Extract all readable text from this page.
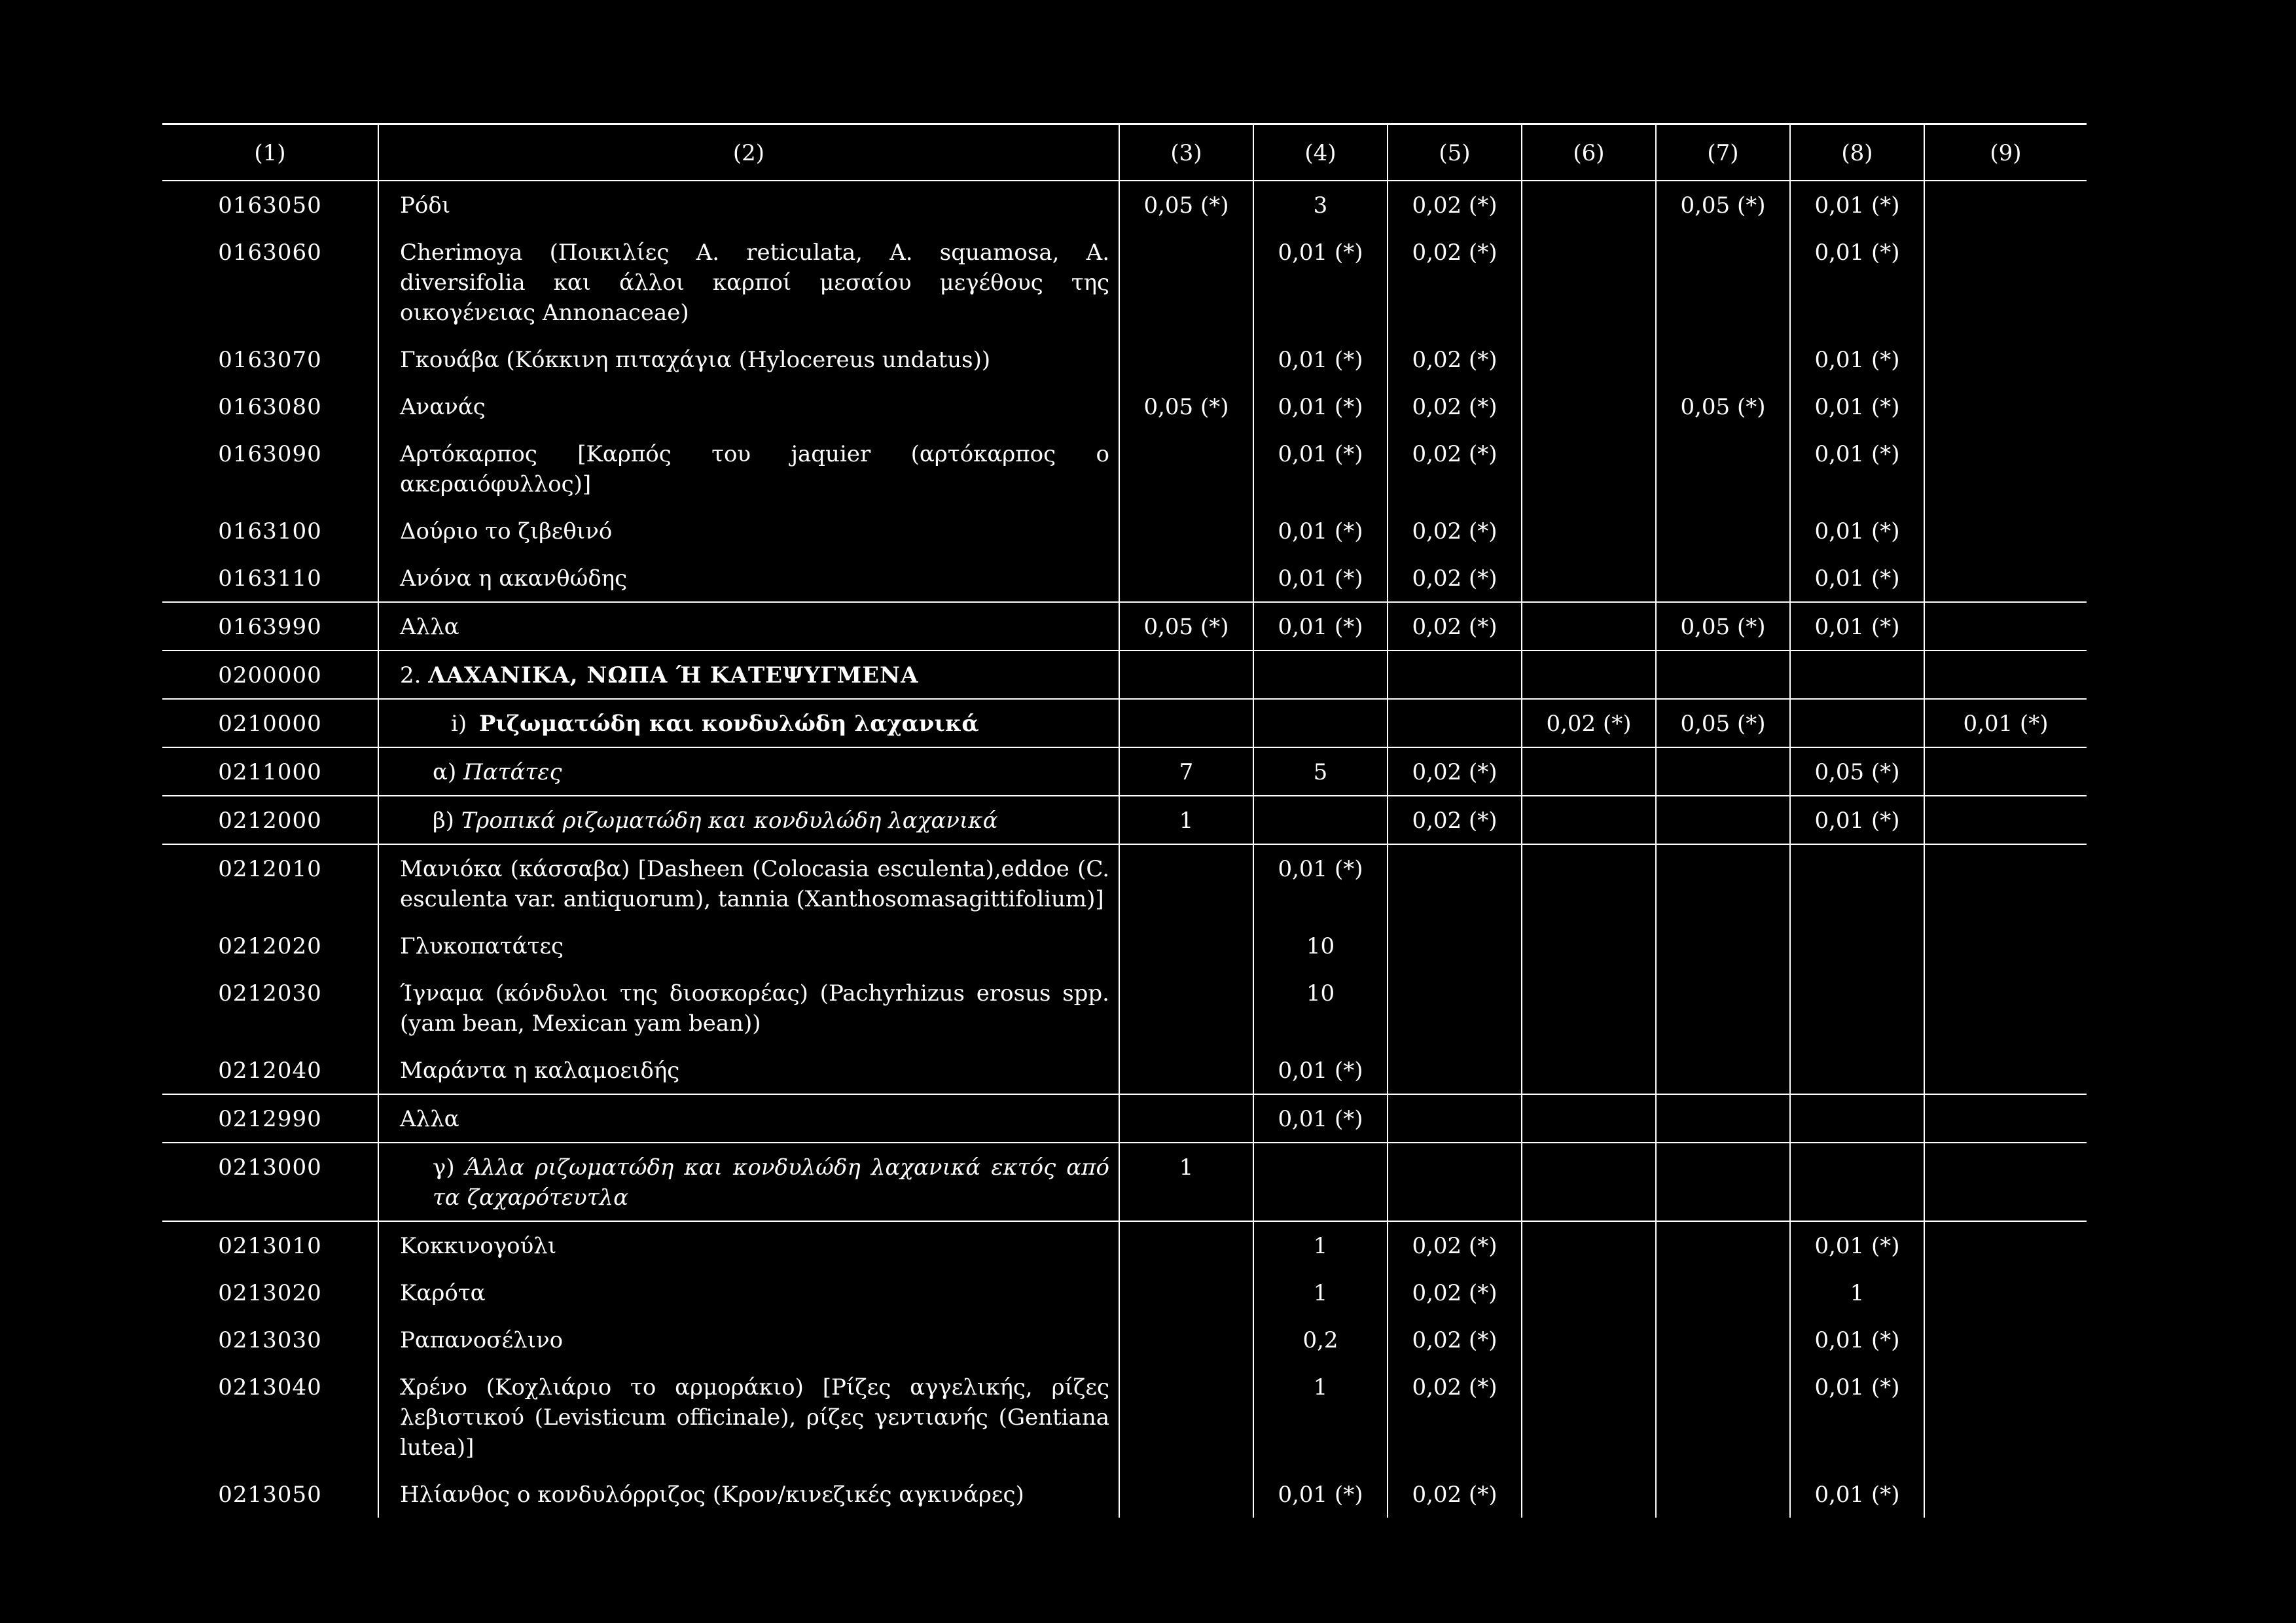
(1)	(2)	(3)	(4)	(5)	(6)	(7)	(8)	(9)
0163050	Ρόδι	0,05 (*)	3	0,02 (*)		0,05 (*)	0,01 (*)	
0163060	Cherimoya (Ποικιλίες A. reticulata, A. squamosa, A. diversifolia και άλλοι καρποί μεσαίου μεγέθους της οικογένειας Annonaceae)		0,01 (*)	0,02 (*)			0,01 (*)	
0163070	Γκουάβα (Κόκκινη πιταχάγια (Hylocereus undatus))		0,01 (*)	0,02 (*)			0,01 (*)	
0163080	Ανανάς	0,05 (*)	0,01 (*)	0,02 (*)		0,05 (*)	0,01 (*)	
0163090	Αρτόκαρπος [Καρπός του jaquier (αρτόκαρπος ο ακεραιόφυλλος)]		0,01 (*)	0,02 (*)			0,01 (*)	
0163100	Δούριο το ζιβεθινό		0,01 (*)	0,02 (*)			0,01 (*)	
0163110	Ανόνα η ακανθώδης		0,01 (*)	0,02 (*)			0,01 (*)	
0163990	Αλλα	0,05 (*)	0,01 (*)	0,02 (*)		0,05 (*)	0,01 (*)	
0200000	2. ΛΑΧΑΝΙΚΑ, ΝΩΠΑ Ή ΚΑΤΕΨΥΓΜΕΝΑ							
0210000	i) Ριζωματώδη και κονδυλώδη λαχανικά				0,02 (*)	0,05 (*)		0,01 (*)
0211000	α) Πατάτες	7	5	0,02 (*)			0,05 (*)	
0212000	β) Τροπικά ριζωματώδη και κονδυλώδη λαχανικά	1		0,02 (*)			0,01 (*)	
0212010	Μανιόκα (κάσσαβα) [Dasheen (Colocasia esculenta),eddoe (C. esculenta var. antiquorum), tannia (Xanthosomasagittifolium)]		0,01 (*)					
0212020	Γλυκοπατάτες		10					
0212030	Ίγναμα (κόνδυλοι της διοσκορέας) (Pachyrhizus erosus spp. (yam bean, Mexican yam bean))		10					
0212040	Μαράντα η καλαμοειδής		0,01 (*)					
0212990	Αλλα		0,01 (*)					
0213000	γ) Άλλα ριζωματώδη και κονδυλώδη λαχανικά εκτός από τα ζαχαρότευτλα	1						
0213010	Κοκκινογούλι		1	0,02 (*)			0,01 (*)	
0213020	Καρότα		1	0,02 (*)			1	
0213030	Ραπανοσέλινο		0,2	0,02 (*)			0,01 (*)	
0213040	Χρένο (Κοχλιάριο το αρμοράκιο) [Ρίζες αγγελικής, ρίζες λεβιστικού (Levisticum officinale), ρίζες γεντιανής (Gentiana lutea)]		1	0,02 (*)			0,01 (*)	
0213050	Ηλίανθος ο κονδυλόρριζος (Κρον/κινεζικές αγκινάρες)		0,01 (*)	0,02 (*)			0,01 (*)	
